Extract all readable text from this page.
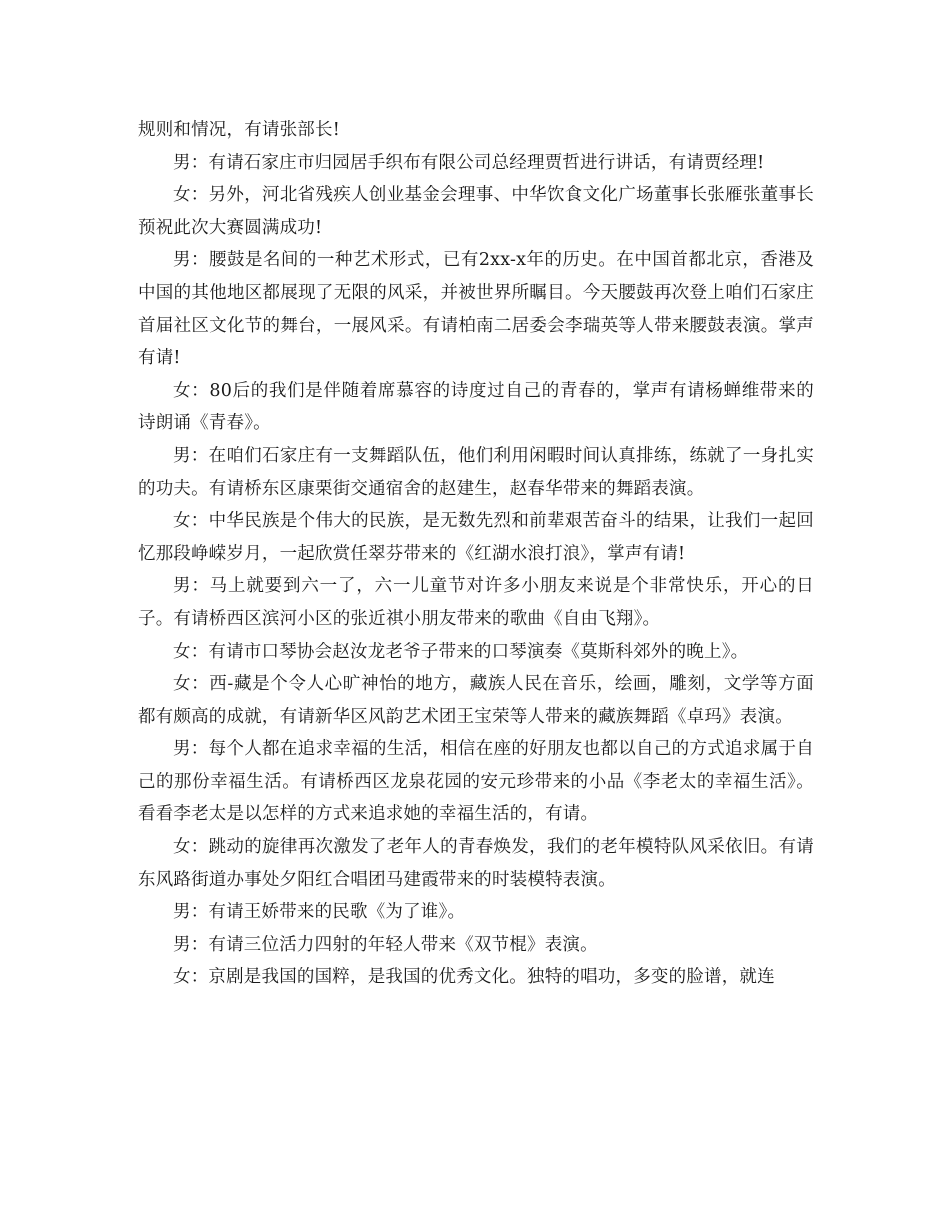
规则和情况，有请张部长!

男：有请石家庄市归园居手织布有限公司总经理贾哲进行讲话，有请贾经理!

女：另外，河北省残疾人创业基金会理事、中华饮食文化广场董事长张雁张董事长预祝此次大赛圆满成功!

男：腰鼓是名间的一种艺术形式，已有2xx-x年的历史。在中国首都北京，香港及中国的其他地区都展现了无限的风采，并被世界所瞩目。今天腰鼓再次登上咱们石家庄首届社区文化节的舞台，一展风采。有请柏南二居委会李瑞英等人带来腰鼓表演。掌声有请!

女：80后的我们是伴随着席慕容的诗度过自己的青春的，掌声有请杨蝉维带来的诗朗诵《青春》。

男：在咱们石家庄有一支舞蹈队伍，他们利用闲暇时间认真排练，练就了一身扎实的功夫。有请桥东区康栗街交通宿舍的赵建生，赵春华带来的舞蹈表演。

女：中华民族是个伟大的民族，是无数先烈和前辈艰苦奋斗的结果，让我们一起回忆那段峥嵘岁月，一起欣赏任翠芬带来的《红湖水浪打浪》，掌声有请!

男：马上就要到六一了，六一儿童节对许多小朋友来说是个非常快乐，开心的日子。有请桥西区滨河小区的张近祺小朋友带来的歌曲《自由飞翔》。

女：有请市口琴协会赵汝龙老爷子带来的口琴演奏《莫斯科郊外的晚上》。

女：西-藏是个令人心旷神怡的地方，藏族人民在音乐，绘画，雕刻，文学等方面都有颇高的成就，有请新华区风韵艺术团王宝荣等人带来的藏族舞蹈《卓玛》表演。

男：每个人都在追求幸福的生活，相信在座的好朋友也都以自己的方式追求属于自己的那份幸福生活。有请桥西区龙泉花园的安元珍带来的小品《李老太的幸福生活》。看看李老太是以怎样的方式来追求她的幸福生活的，有请。

女：跳动的旋律再次激发了老年人的青春焕发，我们的老年模特队风采依旧。有请东风路街道办事处夕阳红合唱团马建霞带来的时装模特表演。

男：有请王娇带来的民歌《为了谁》。

男：有请三位活力四射的年轻人带来《双节棍》表演。

女：京剧是我国的国粹，是我国的优秀文化。独特的唱功，多变的脸谱，就连
